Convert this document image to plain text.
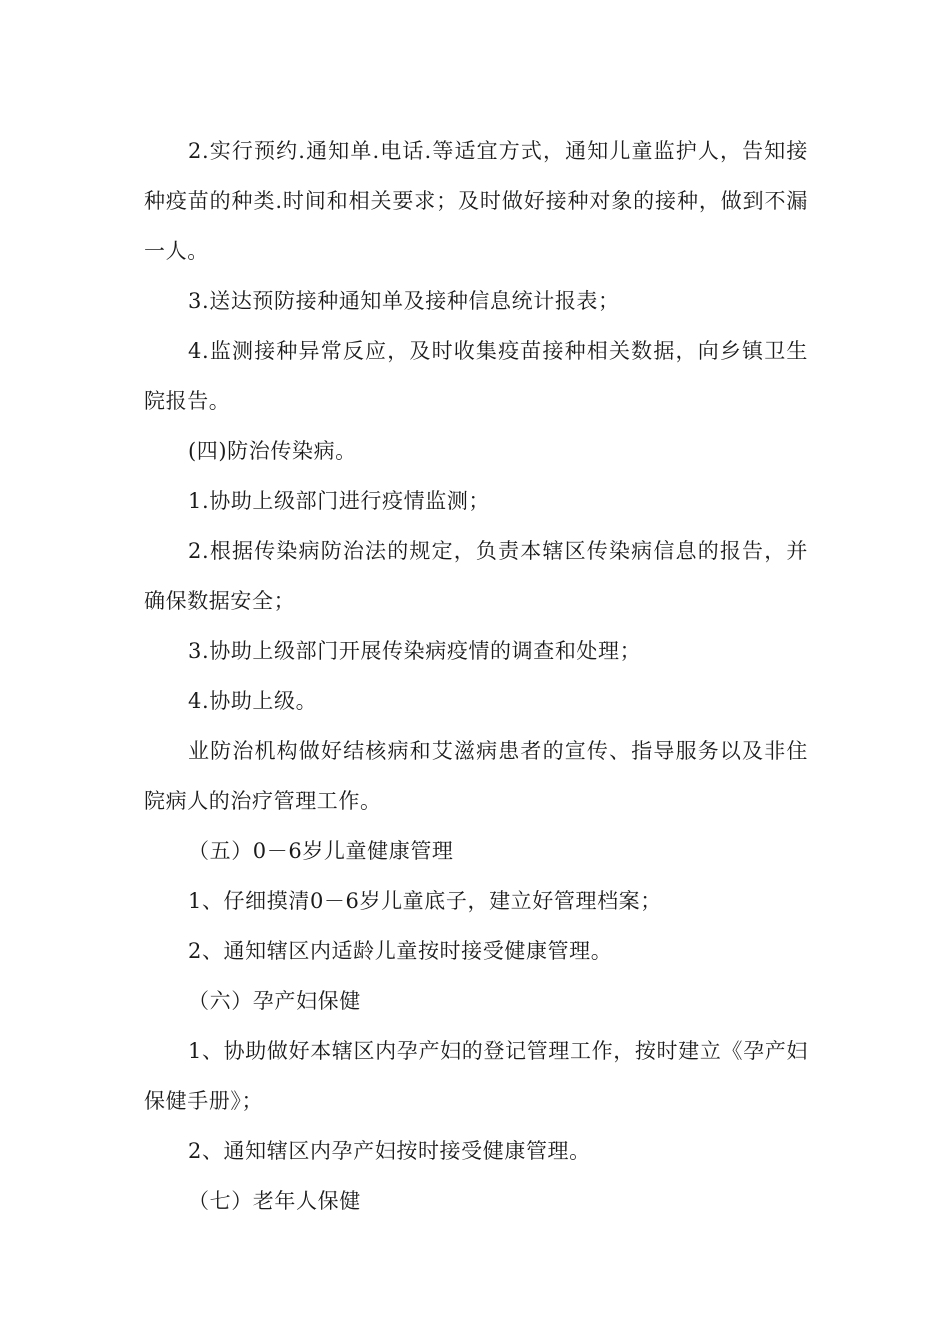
2.实行预约.通知单.电话.等适宜方式，通知儿童监护人，告知接种疫苗的种类.时间和相关要求；及时做好接种对象的接种，做到不漏一人。

3.送达预防接种通知单及接种信息统计报表；

4.监测接种异常反应，及时收集疫苗接种相关数据，向乡镇卫生院报告。

(四)防治传染病。

1.协助上级部门进行疫情监测；

2.根据传染病防治法的规定，负责本辖区传染病信息的报告，并确保数据安全；

3.协助上级部门开展传染病疫情的调查和处理；

4.协助上级。

业防治机构做好结核病和艾滋病患者的宣传、指导服务以及非住院病人的治疗管理工作。

（五）0－6岁儿童健康管理

1、仔细摸清0－6岁儿童底子，建立好管理档案；

2、通知辖区内适龄儿童按时接受健康管理。

（六）孕产妇保健

1、协助做好本辖区内孕产妇的登记管理工作，按时建立《孕产妇保健手册》；

2、通知辖区内孕产妇按时接受健康管理。

（七）老年人保健
